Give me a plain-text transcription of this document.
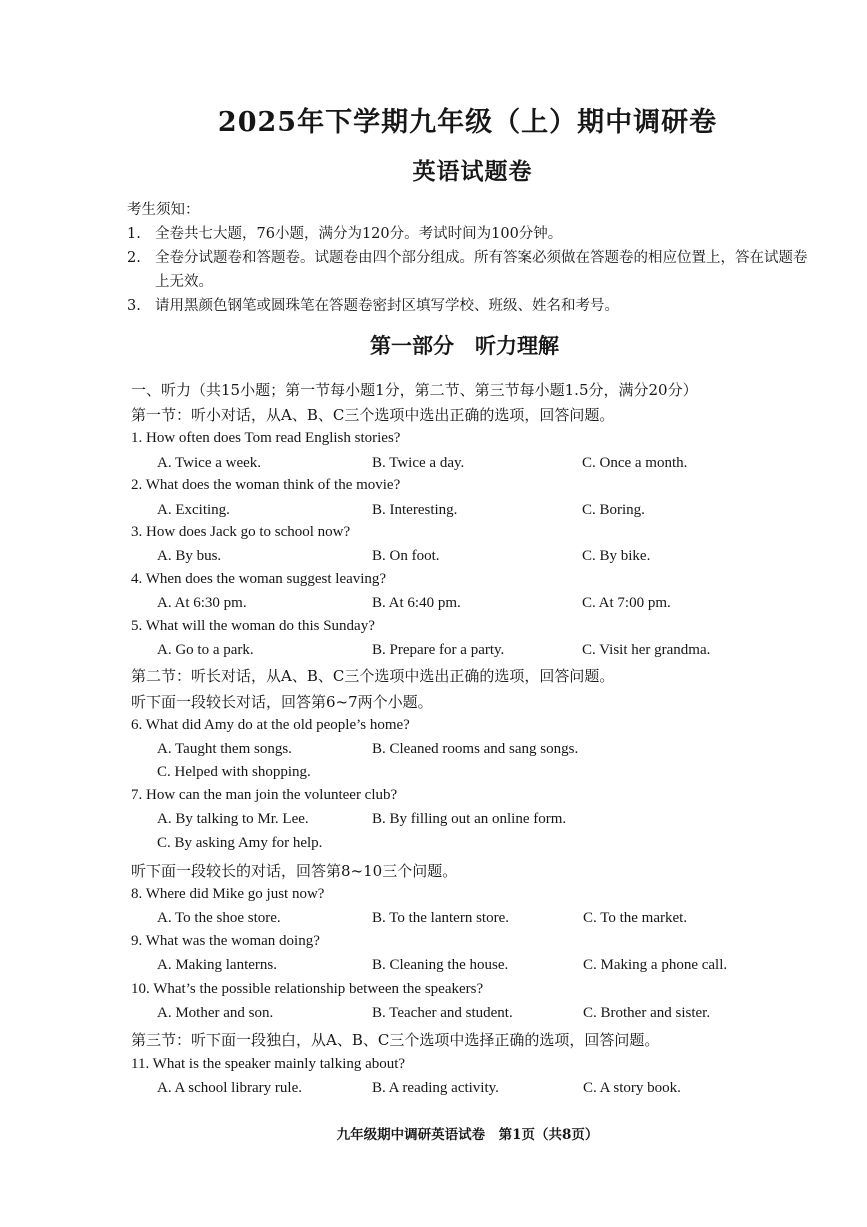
2025年下学期九年级（上）期中调研卷
英语试题卷
考生须知：
1. 全卷共七大题，76小题，满分为120分。考试时间为100分钟。
2. 全卷分试题卷和答题卷。试题卷由四个部分组成。所有答案必须做在答题卷的相应位置上，答在试题卷上无效。
3. 请用黑颜色钢笔或圆珠笔在答题卷密封区填写学校、班级、姓名和考号。
第一部分　听力理解
一、听力（共15小题；第一节每小题1分，第二节、第三节每小题1.5分，满分20分）
第一节：听小对话，从A、B、C三个选项中选出正确的选项，回答问题。
1. How often does Tom read English stories?
A. Twice a week.	B. Twice a day.	C. Once a month.
2. What does the woman think of the movie?
A. Exciting.	B. Interesting.	C. Boring.
3. How does Jack go to school now?
A. By bus.	B. On foot.	C. By bike.
4. When does the woman suggest leaving?
A. At 6:30 pm.	B. At 6:40 pm.	C. At 7:00 pm.
5. What will the woman do this Sunday?
A. Go to a park.	B. Prepare for a party.	C. Visit her grandma.
第二节：听长对话，从A、B、C三个选项中选出正确的选项，回答问题。
听下面一段较长对话，回答第6~7两个小题。
6. What did Amy do at the old people’s home?
A. Taught them songs.	B. Cleaned rooms and sang songs.
C. Helped with shopping.
7. How can the man join the volunteer club?
A. By talking to Mr. Lee.	B. By filling out an online form.
C. By asking Amy for help.
听下面一段较长的对话，回答第8~10三个问题。
8. Where did Mike go just now?
A. To the shoe store.	B. To the lantern store.	C. To the market.
9. What was the woman doing?
A. Making lanterns.	B. Cleaning the house.	C. Making a phone call.
10. What’s the possible relationship between the speakers?
A. Mother and son.	B. Teacher and student.	C. Brother and sister.
第三节：听下面一段独白，从A、B、C三个选项中选择正确的选项，回答问题。
11. What is the speaker mainly talking about?
A. A school library rule.	B. A reading activity.	C. A story book.
九年级期中调研英语试卷　第1页（共8页）
